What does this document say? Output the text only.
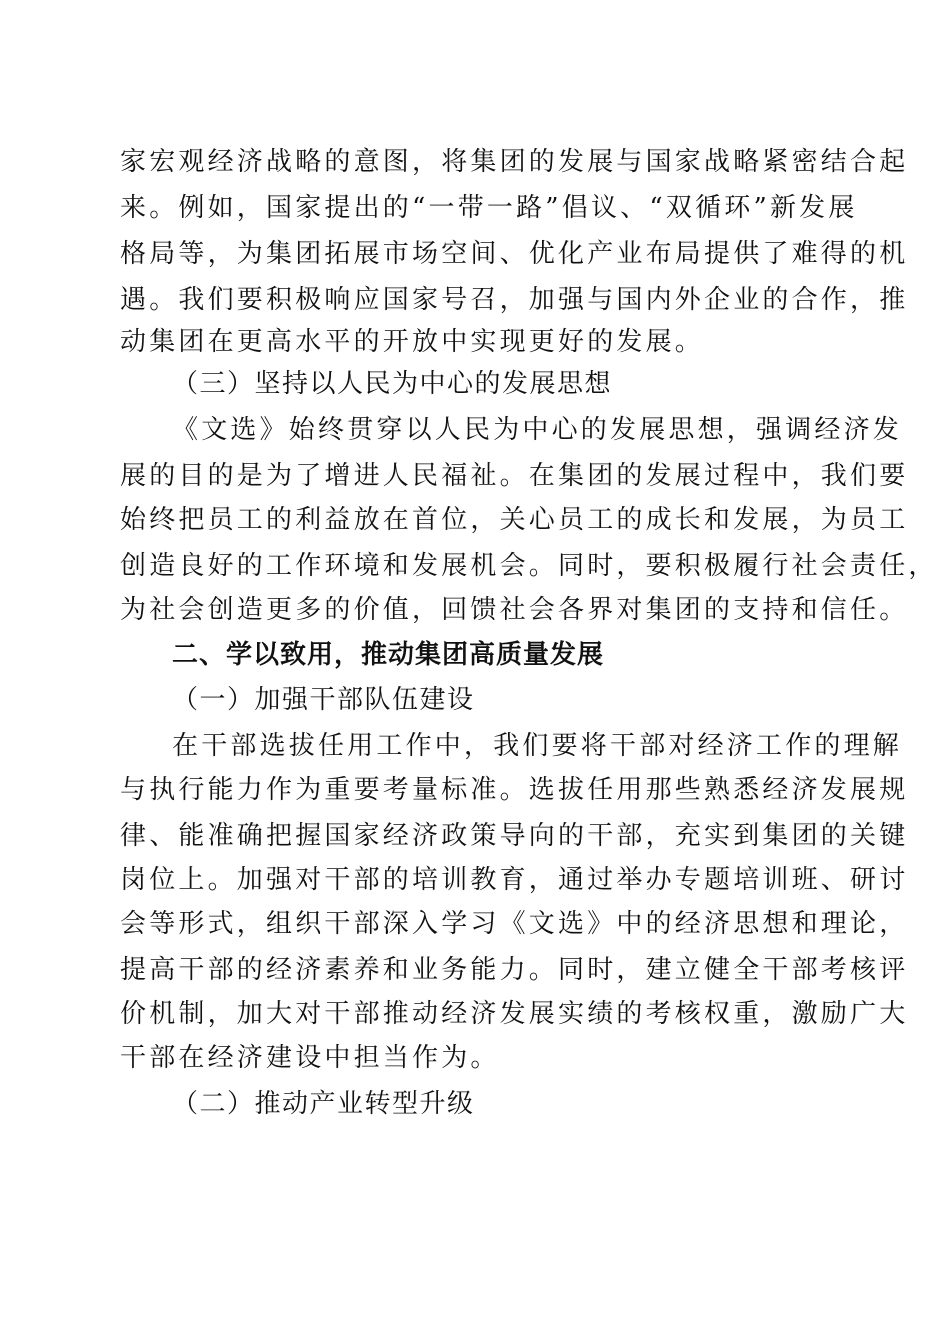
家宏观经济战略的意图，将集团的发展与国家战略紧密结合起
来。例如，国家提出的“一带一路”倡议、“双循环”新发展
格局等，为集团拓展市场空间、优化产业布局提供了难得的机
遇。我们要积极响应国家号召，加强与国内外企业的合作，推
动集团在更高水平的开放中实现更好的发展。
（三）坚持以人民为中心的发展思想
《文选》始终贯穿以人民为中心的发展思想，强调经济发
展的目的是为了增进人民福祉。在集团的发展过程中，我们要
始终把员工的利益放在首位，关心员工的成长和发展，为员工
创造良好的工作环境和发展机会。同时，要积极履行社会责任，
为社会创造更多的价值，回馈社会各界对集团的支持和信任。
二、学以致用，推动集团高质量发展
（一）加强干部队伍建设
在干部选拔任用工作中，我们要将干部对经济工作的理解
与执行能力作为重要考量标准。选拔任用那些熟悉经济发展规
律、能准确把握国家经济政策导向的干部，充实到集团的关键
岗位上。加强对干部的培训教育，通过举办专题培训班、研讨
会等形式，组织干部深入学习《文选》中的经济思想和理论，
提高干部的经济素养和业务能力。同时，建立健全干部考核评
价机制，加大对干部推动经济发展实绩的考核权重，激励广大
干部在经济建设中担当作为。
（二）推动产业转型升级
